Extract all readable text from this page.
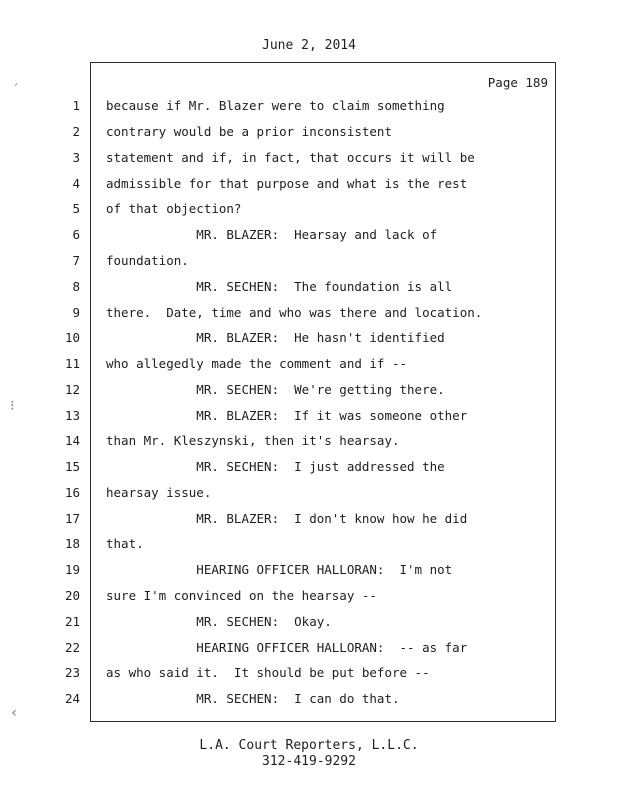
June 2, 2014
Page 189
1 because if Mr. Blazer were to claim something
2 contrary would be a prior inconsistent
3 statement and if, in fact, that occurs it will be
4 admissible for that purpose and what is the rest
5 of that objection?
6 MR. BLAZER:  Hearsay and lack of
7 foundation.
8 MR. SECHEN:  The foundation is all
9 there.  Date, time and who was there and location.
10 MR. BLAZER:  He hasn't identified
11 who allegedly made the comment and if --
12 MR. SECHEN:  We're getting there.
13 MR. BLAZER:  If it was someone other
14 than Mr. Kleszynski, then it's hearsay.
15 MR. SECHEN:  I just addressed the
16 hearsay issue.
17 MR. BLAZER:  I don't know how he did
18 that.
19 HEARING OFFICER HALLORAN:  I'm not
20 sure I'm convinced on the hearsay --
21 MR. SECHEN:  Okay.
22 HEARING OFFICER HALLORAN:  -- as far
23 as who said it.  It should be put before --
24 MR. SECHEN:  I can do that.
L.A. Court Reporters, L.L.C.
312-419-9292
′
⁝
‹
